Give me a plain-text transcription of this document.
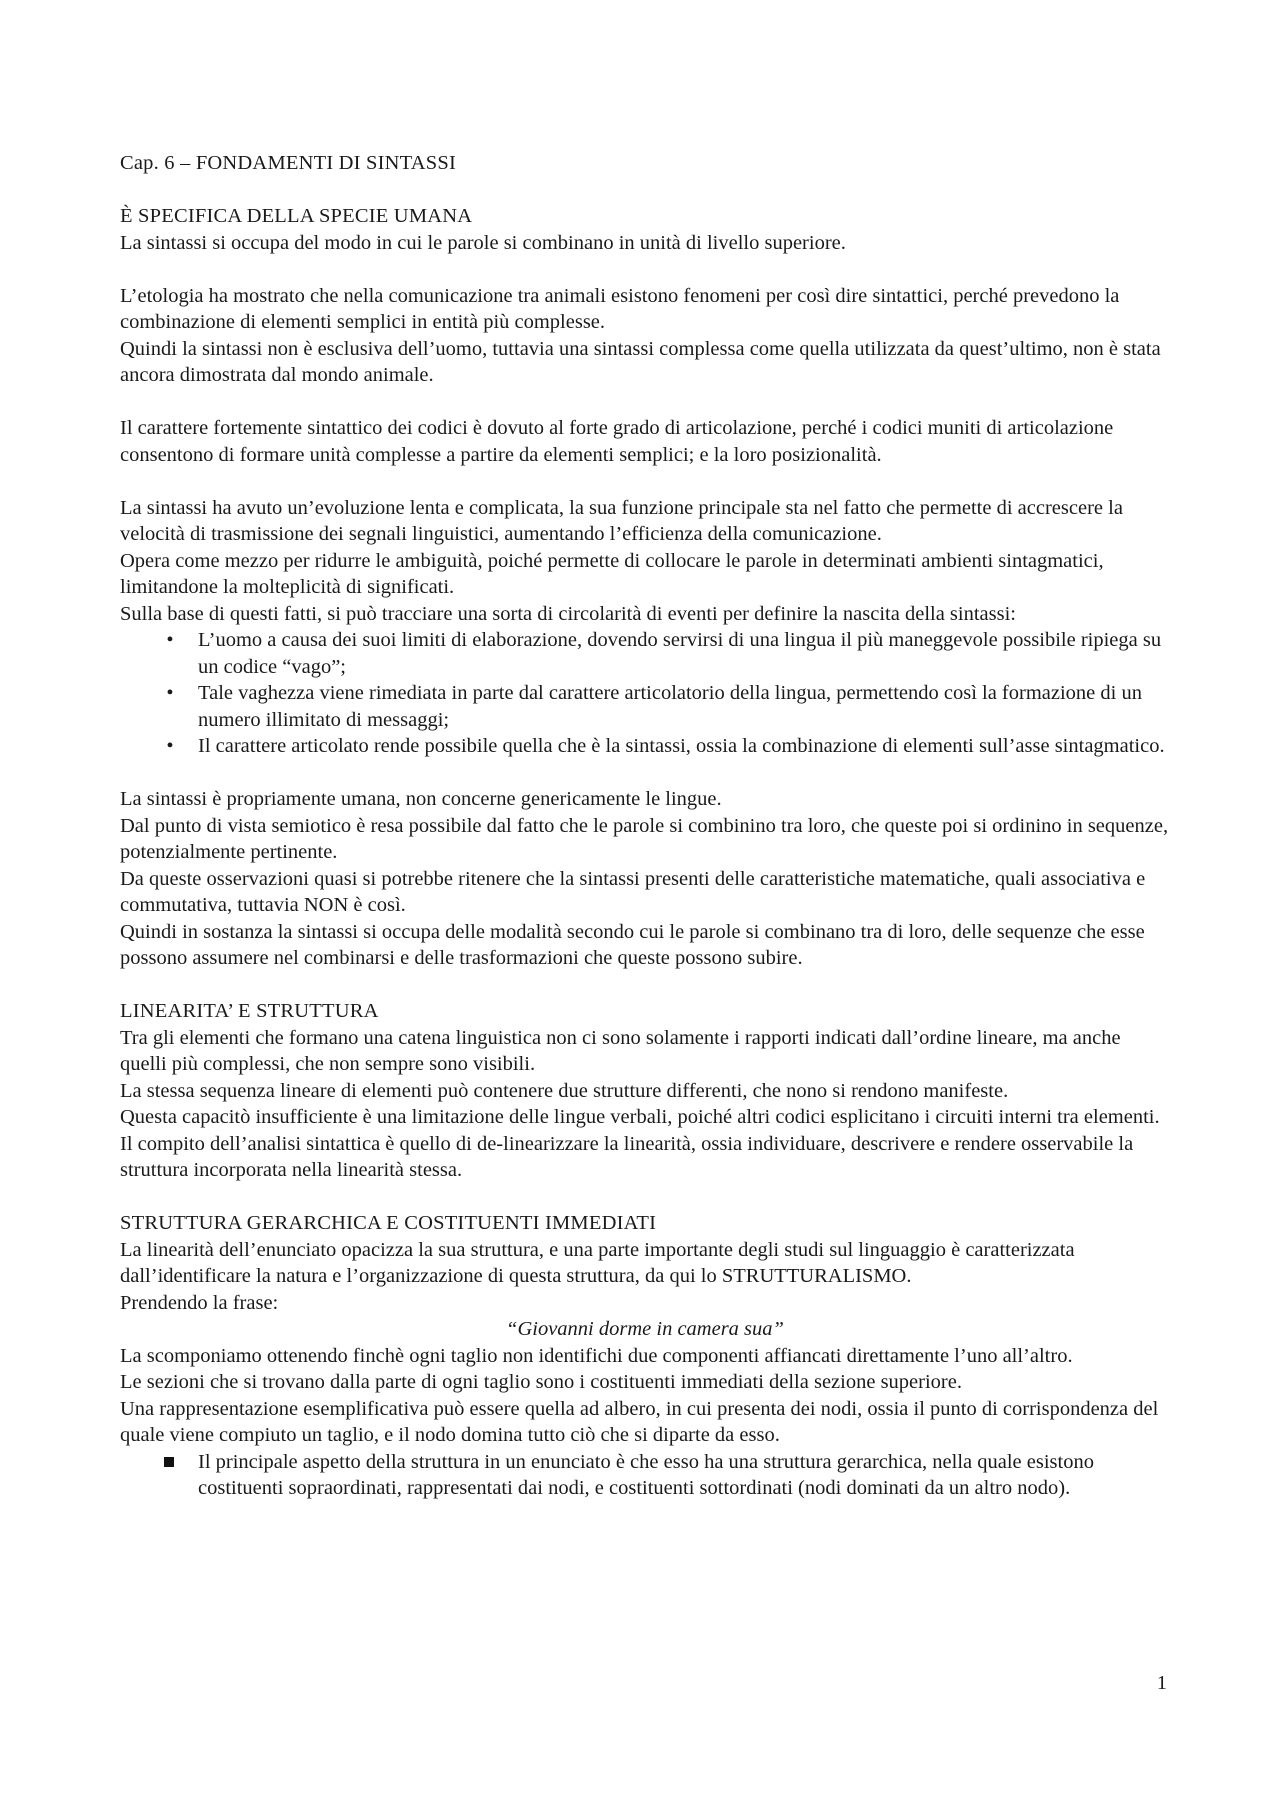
Cap. 6 – FONDAMENTI DI SINTASSI

È SPECIFICA DELLA SPECIE UMANA

La sintassi si occupa del modo in cui le parole si combinano in unità di livello superiore.

L’etologia ha mostrato che nella comunicazione tra animali esistono fenomeni per così dire sintattici, perché prevedono la combinazione di elementi semplici in entità più complesse.

Quindi la sintassi non è esclusiva dell’uomo, tuttavia una sintassi complessa come quella utilizzata da quest’ultimo, non è stata ancora dimostrata dal mondo animale.

Il carattere fortemente sintattico dei codici è dovuto al forte grado di articolazione, perché i codici muniti di articolazione consentono di formare unità complesse a partire da elementi semplici; e la loro posizionalità.

La sintassi ha avuto un’evoluzione lenta e complicata, la sua funzione principale sta nel fatto che permette di accrescere la velocità di trasmissione dei segnali linguistici, aumentando l’efficienza della comunicazione.

Opera come mezzo per ridurre le ambiguità, poiché permette di collocare le parole in determinati ambienti sintagmatici, limitandone la molteplicità di significati.

Sulla base di questi fatti, si può tracciare una sorta di circolarità di eventi per definire la nascita della sintassi:

•	L’uomo a causa dei suoi limiti di elaborazione, dovendo servirsi di una lingua il più maneggevole possibile ripiega su un codice “vago”;
•	Tale vaghezza viene rimediata in parte dal carattere articolatorio della lingua, permettendo così la formazione di un numero illimitato di messaggi;
•	Il carattere articolato rende possibile quella che è la sintassi, ossia la combinazione di elementi sull’asse sintagmatico.

La sintassi è propriamente umana, non concerne genericamente le lingue.

Dal punto di vista semiotico è resa possibile dal fatto che le parole si combinino tra loro, che queste poi si ordinino in sequenze, potenzialmente pertinente.

Da queste osservazioni quasi si potrebbe ritenere che la sintassi presenti delle caratteristiche matematiche, quali associativa e commutativa, tuttavia NON è così.

Quindi in sostanza la sintassi si occupa delle modalità secondo cui le parole si combinano tra di loro, delle sequenze che esse possono assumere nel combinarsi e delle trasformazioni che queste possono subire.

LINEARITA’ E STRUTTURA

Tra gli elementi che formano una catena linguistica non ci sono solamente i rapporti indicati dall’ordine lineare, ma anche quelli più complessi, che non sempre sono visibili.

La stessa sequenza lineare di elementi può contenere due strutture differenti, che nono si rendono manifeste.

Questa capacitò insufficiente è una limitazione delle lingue verbali, poiché altri codici esplicitano i circuiti interni tra elementi.

Il compito dell’analisi sintattica è quello di de-linearizzare la linearità, ossia individuare, descrivere e rendere osservabile la struttura incorporata nella linearità stessa.

STRUTTURA GERARCHICA E COSTITUENTI IMMEDIATI

La linearità dell’enunciato opacizza la sua struttura, e una parte importante degli studi sul linguaggio è caratterizzata dall’identificare la natura e l’organizzazione di questa struttura, da qui lo STRUTTURALISMO.

Prendendo la frase:

“Giovanni dorme in camera sua”

La scomponiamo ottenendo finchè ogni taglio non identifichi due componenti affiancati direttamente l’uno all’altro.

Le sezioni che si trovano dalla parte di ogni taglio sono i costituenti immediati della sezione superiore.

Una rappresentazione esemplificativa può essere quella ad albero, in cui presenta dei nodi, ossia il punto di corrispondenza del quale viene compiuto un taglio, e il nodo domina tutto ciò che si diparte da esso.

Il principale aspetto della struttura in un enunciato è che esso ha una struttura gerarchica, nella quale esistono costituenti sopraordinati, rappresentati dai nodi, e costituenti sottordinati (nodi dominati da un altro nodo).
1
